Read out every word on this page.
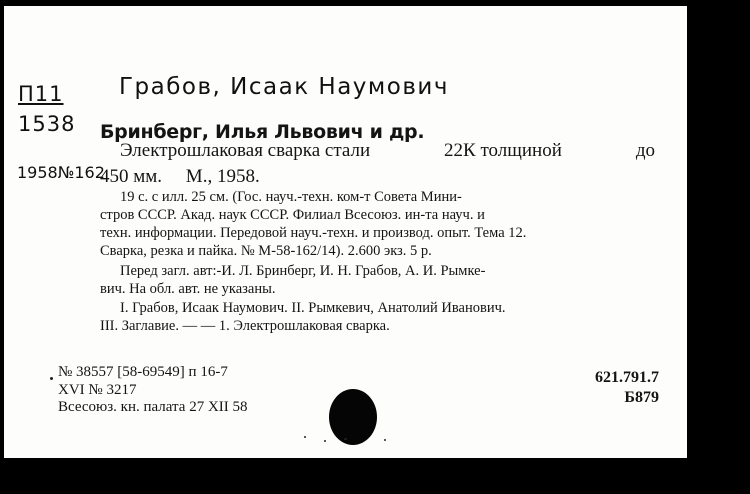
П11
1538
1958№162
Грабов, Исаак Наумович
Бринберг, Илья Львович и др.
Электрошлаковая сварка стали	22К толщиной	до
450 мм.     М., 1958.
19 с. с илл. 25 см. (Гос. науч.-техн. ком-т Совета Мини-
стров СССР. Акад. наук СССР. Филиал Всесоюз. ин-та науч. и
техн. информации. Передовой науч.-техн. и производ. опыт. Тема 12.
Сварка, резка и пайка. № М-58-162/14). 2.600 экз. 5 р.
Перед загл. авт:-И. Л. Бринберг, И. Н. Грабов, А. И. Рымке-
вич. На обл. авт. не указаны.
I. Грабов, Исаак Наумович. II. Рымкевич, Анатолий Иванович.
III. Заглавие. — — 1. Электрошлаковая сварка.
№ 38557 [58-69549] п 16-7
XVI № 3217
Всесоюз. кн. палата 27 XII 58
621.791.7
Б879
